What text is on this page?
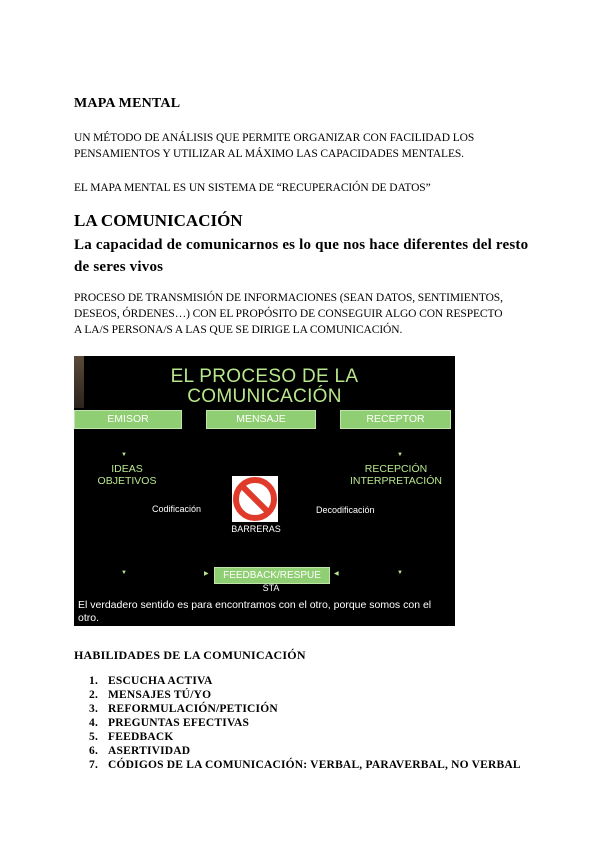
MAPA MENTAL
UN MÉTODO DE ANÁLISIS QUE PERMITE ORGANIZAR CON FACILIDAD LOS
PENSAMIENTOS Y UTILIZAR AL MÁXIMO LAS CAPACIDADES MENTALES.
EL MAPA MENTAL ES UN SISTEMA DE “RECUPERACIÓN DE DATOS”
LA COMUNICACIÓN
La capacidad de comunicarnos es lo que nos hace diferentes del resto
de seres vivos
PROCESO DE TRANSMISIÓN DE INFORMACIONES (SEAN DATOS, SENTIMIENTOS,
DESEOS, ÓRDENES…) CON EL PROPÓSITO DE CONSEGUIR ALGO CON RESPECTO
A LA/S PERSONA/S A LAS QUE SE DIRIGE LA COMUNICACIÓN.
EL PROCESO DE LA
COMUNICACIÓN
EMISOR	MENSAJE	RECEPTOR
▼	▼
IDEAS
OBJETIVOS
RECEPCIÓN
INTERPRETACIÓN
Codificación	Decodificación
BARRERAS
▼	▶	◀	▼
FEEDBACK/RESPUE
STA
El verdadero sentido es para encontramos con el otro, porque somos con el
otro.
HABILIDADES DE LA COMUNICACIÓN
1. ESCUCHA ACTIVA
2. MENSAJES TÚ/YO
3. REFORMULACIÓN/PETICIÓN
4. PREGUNTAS EFECTIVAS
5. FEEDBACK
6. ASERTIVIDAD
7. CÓDIGOS DE LA COMUNICACIÓN: VERBAL, PARAVERBAL, NO VERBAL
